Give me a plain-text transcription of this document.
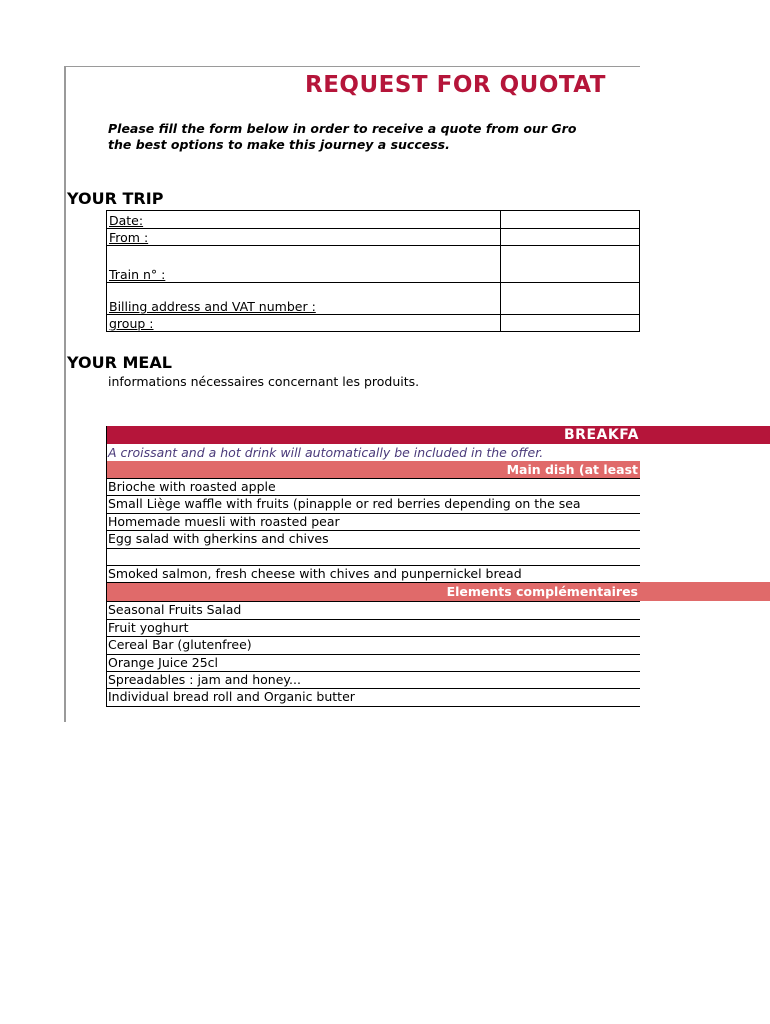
REQUEST FOR QUOTAT
Please fill the form below in order to receive a quote from our Gro
the best options to make this journey a success.
YOUR TRIP
Date:	
From :	
Train n° :	
Billing address and VAT number :	
group :	
YOUR MEAL
informations nécessaires concernant les produits.
BREAKFA
A croissant and a hot drink will automatically be included in the offer.
Main dish (at least
Brioche with roasted apple
Small Liège waffle with fruits (pinapple or red berries depending on the sea
Homemade muesli with roasted pear
Egg salad with gherkins and chives
Smoked salmon, fresh cheese with chives and punpernickel bread
Elements complémentaires
Seasonal Fruits Salad
Fruit yoghurt
Cereal Bar (glutenfree)
Orange Juice 25cl
Spreadables : jam and honey...
Individual bread roll and Organic butter
